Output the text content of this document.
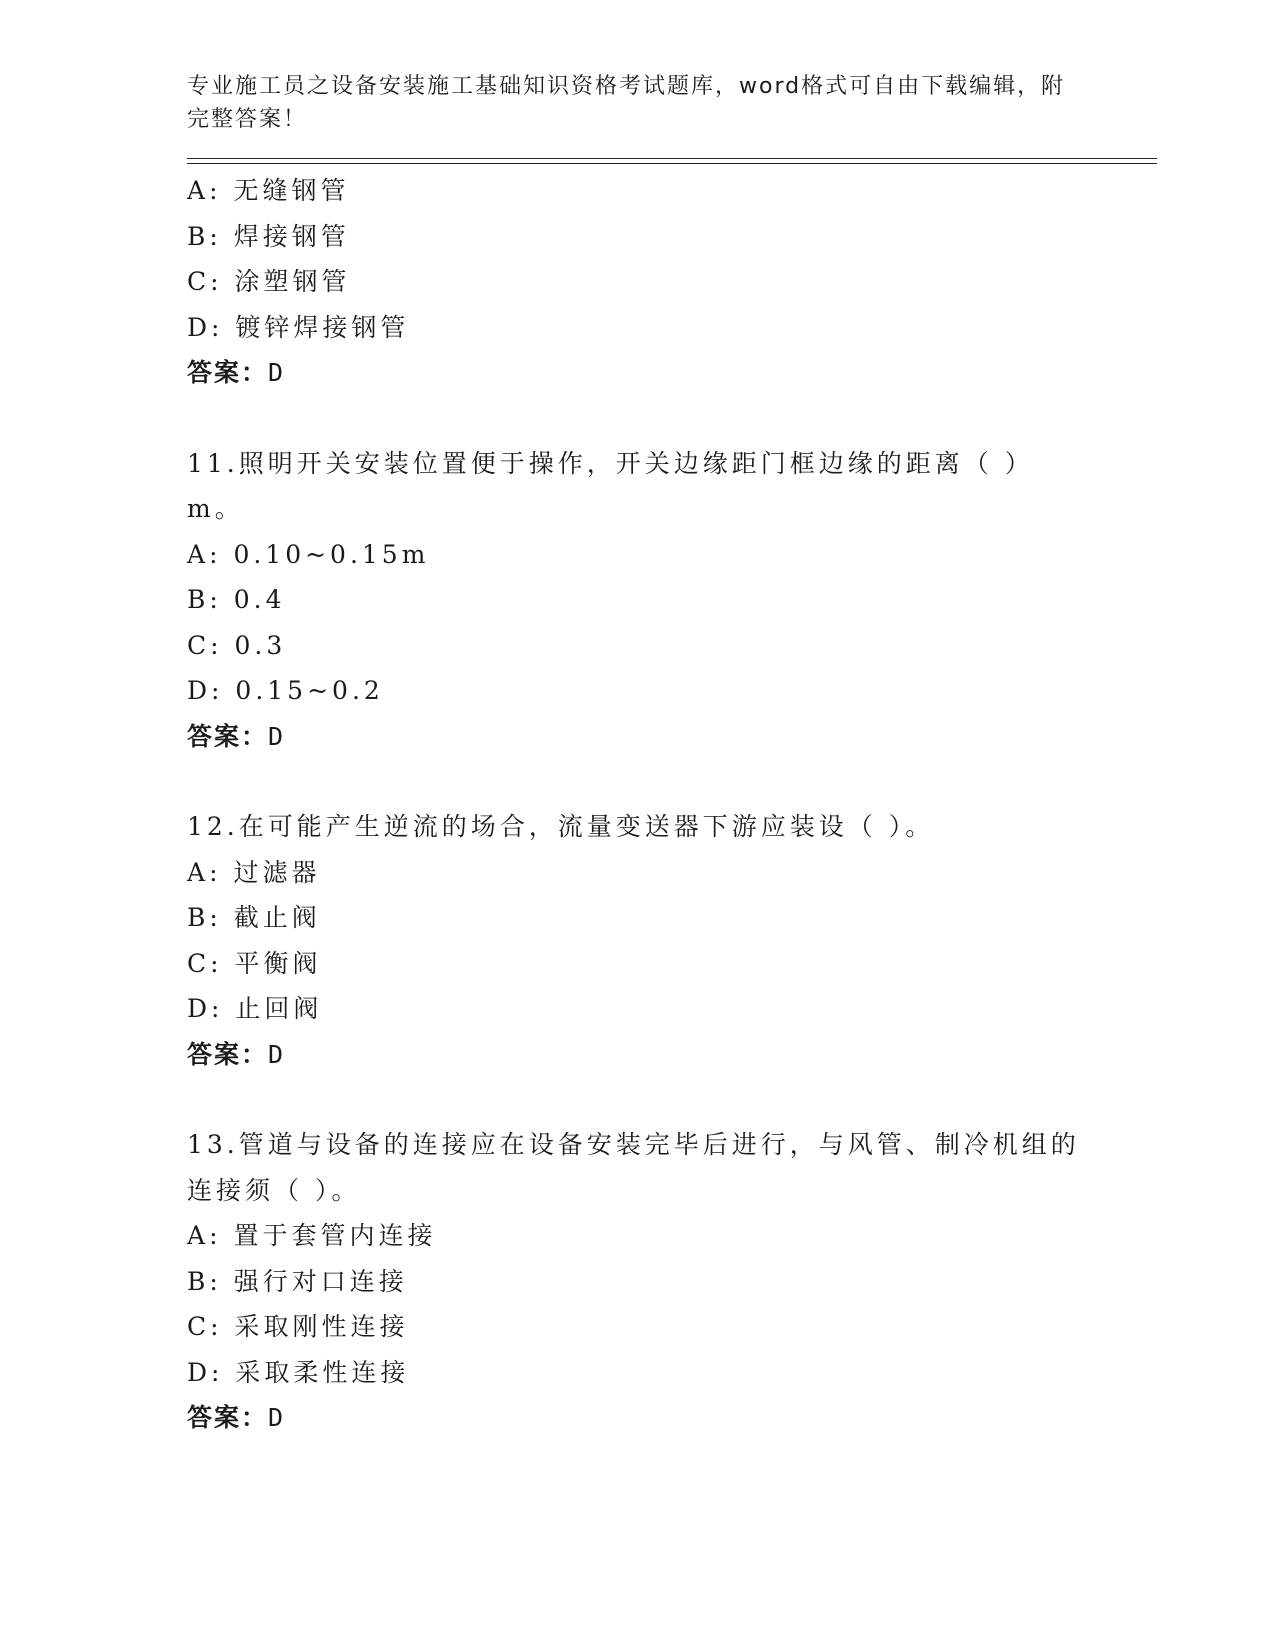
专业施工员之设备安装施工基础知识资格考试题库，word格式可自由下载编辑，附完整答案！
A: 无缝钢管
B: 焊接钢管
C: 涂塑钢管
D: 镀锌焊接钢管
答案：D
11.照明开关安装位置便于操作，开关边缘距门框边缘的距离（ ）m。
A: 0.10~0.15m
B: 0.4
C: 0.3
D: 0.15~0.2
答案：D
12.在可能产生逆流的场合，流量变送器下游应装设（ ）。
A: 过滤器
B: 截止阀
C: 平衡阀
D: 止回阀
答案：D
13.管道与设备的连接应在设备安装完毕后进行，与风管、制冷机组的连接须（ ）。
A: 置于套管内连接
B: 强行对口连接
C: 采取刚性连接
D: 采取柔性连接
答案：D
